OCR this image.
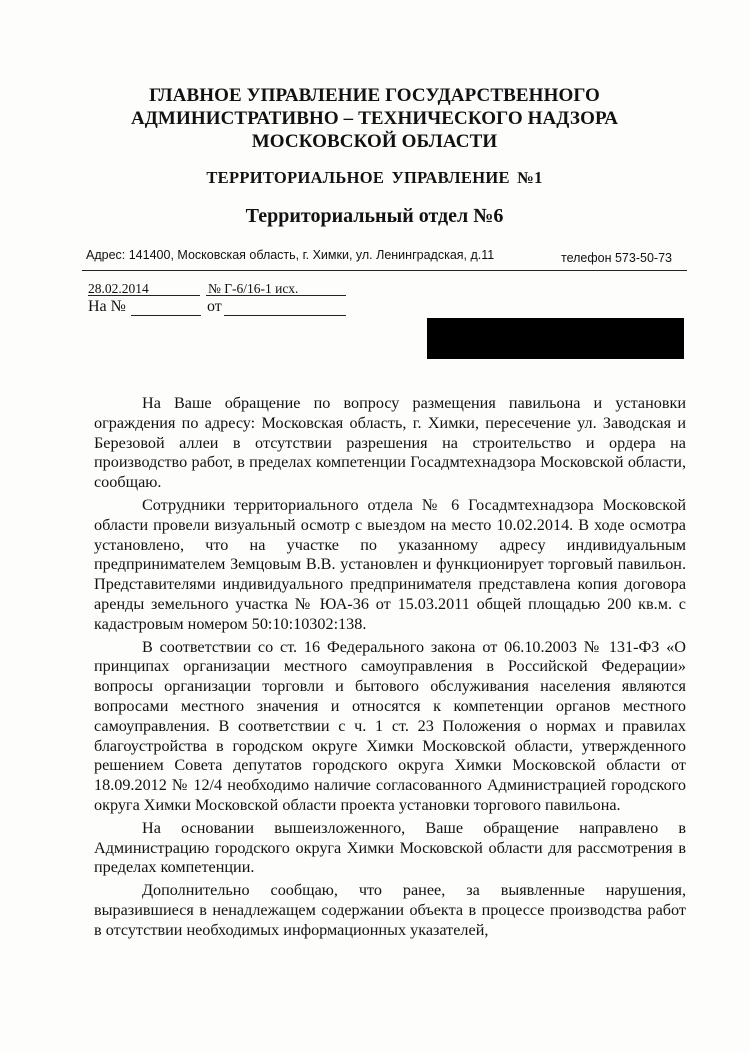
ГЛАВНОЕ УПРАВЛЕНИЕ ГОСУДАРСТВЕННОГО
АДМИНИСТРАТИВНО – ТЕХНИЧЕСКОГО НАДЗОРА
МОСКОВСКОЙ ОБЛАСТИ
ТЕРРИТОРИАЛЬНОЕ УПРАВЛЕНИЕ №1
Территориальный отдел №6
Адрес: 141400, Московская область, г. Химки, ул. Ленинградская, д.11	телефон 573-50-73
28.02.2014	№ Г-6/16-1 исх.
На №	от

На Ваше обращение по вопросу размещения павильона и установки ограждения по адресу: Московская область, г. Химки, пересечение ул. Заводская и Березовой аллеи в отсутствии разрешения на строительство и ордера на производство работ, в пределах компетенции Госадмтехнадзора Московской области, сообщаю.

Сотрудники территориального отдела № 6 Госадмтехнадзора Московской области провели визуальный осмотр с выездом на место 10.02.2014. В ходе осмотра установлено, что на участке по указанному адресу индивидуальным предпринимателем Земцовым В.В. установлен и функционирует торговый павильон. Представителями индивидуального предпринимателя представлена копия договора аренды земельного участка № ЮА-36 от 15.03.2011 общей площадью 200 кв.м. с кадастровым номером 50:10:10302:138.

В соответствии со ст. 16 Федерального закона от 06.10.2003 № 131-ФЗ «О принципах организации местного самоуправления в Российской Федерации» вопросы организации торговли и бытового обслуживания населения являются вопросами местного значения и относятся к компетенции органов местного самоуправления. В соответствии с ч. 1 ст. 23 Положения о нормах и правилах благоустройства в городском округе Химки Московской области, утвержденного решением Совета депутатов городского округа Химки Московской области от 18.09.2012 № 12/4 необходимо наличие согласованного Администрацией городского округа Химки Московской области проекта установки торгового павильона.

На основании вышеизложенного, Ваше обращение направлено в Администрацию городского округа Химки Московской области для рассмотрения в пределах компетенции.

Дополнительно сообщаю, что ранее, за выявленные нарушения, выразившиеся в ненадлежащем содержании объекта в процессе производства работ в отсутствии необходимых информационных указателей,
